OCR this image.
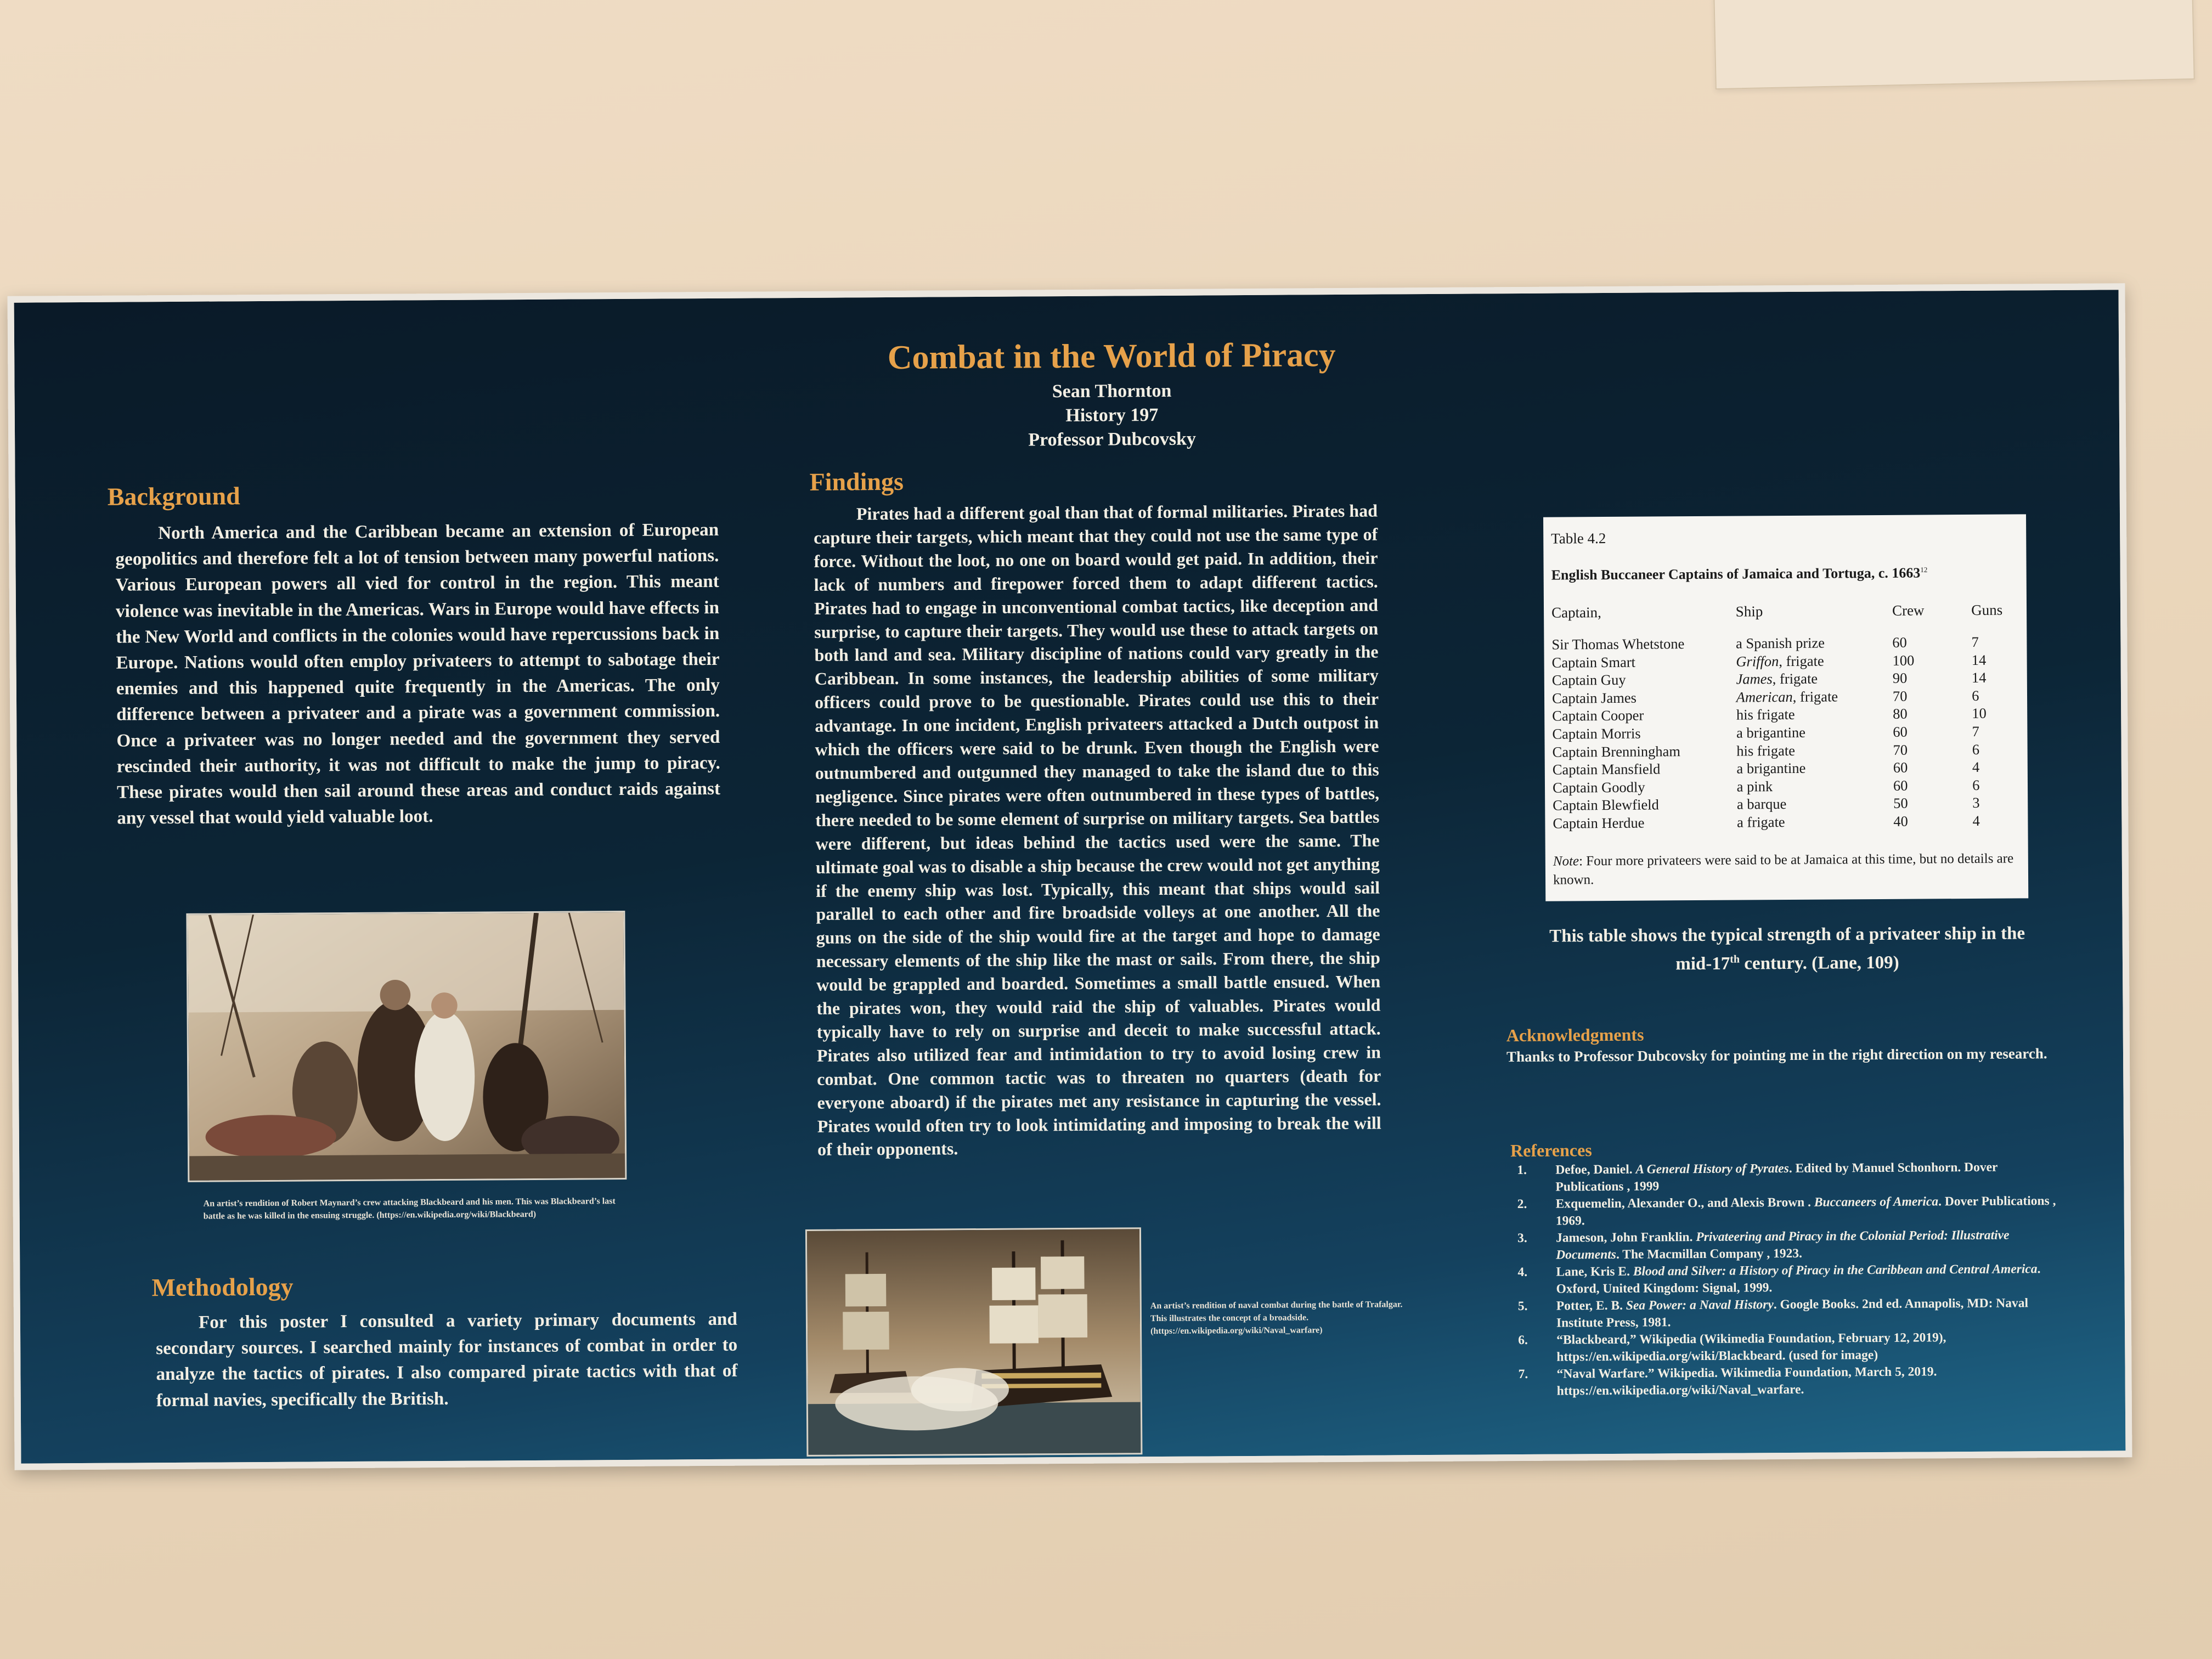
Combat in the World of Piracy
Sean Thornton
History 197
Professor Dubcovsky
Background

North America and the Caribbean became an extension of European geopolitics and therefore felt a lot of tension between many powerful nations. Various European powers all vied for control in the region. This meant violence was inevitable in the Americas. Wars in Europe would have effects in the New World and conflicts in the colonies would have repercussions back in Europe. Nations would often employ privateers to attempt to sabotage their enemies and this happened quite frequently in the Americas. The only difference between a privateer and a pirate was a government commission. Once a privateer was no longer needed and the government they served rescinded their authority, it was not difficult to make the jump to piracy. These pirates would then sail around these areas and conduct raids against any vessel that would yield valuable loot.

An artist’s rendition of Robert Maynard’s crew attacking Blackbeard and his men. This was Blackbeard’s last battle as he was killed in the ensuing struggle. (https://en.wikipedia.org/wiki/Blackbeard)
Methodology

For this poster I consulted a variety primary documents and secondary sources. I searched mainly for instances of combat in order to analyze the tactics of pirates. I also compared pirate tactics with that of formal navies, specifically the British.

Findings

Pirates had a different goal than that of formal militaries. Pirates had capture their targets, which meant that they could not use the same type of force. Without the loot, no one on board would get paid. In addition, their lack of numbers and firepower forced them to adapt different tactics. Pirates had to engage in unconventional combat tactics, like deception and surprise, to capture their targets. They would use these to attack targets on both land and sea. Military discipline of nations could vary greatly in the Caribbean. In some instances, the leadership abilities of some military officers could prove to be questionable. Pirates could use this to their advantage. In one incident, English privateers attacked a Dutch outpost in which the officers were said to be drunk. Even though the English were outnumbered and outgunned they managed to take the island due to this negligence. Since pirates were often outnumbered in these types of battles, there needed to be some element of surprise on military targets. Sea battles were different, but ideas behind the tactics used were the same. The ultimate goal was to disable a ship because the crew would not get anything if the enemy ship was lost. Typically, this meant that ships would sail parallel to each other and fire broadside volleys at one another. All the guns on the side of the ship would fire at the target and hope to damage necessary elements of the ship like the mast or sails. From there, the ship would be grappled and boarded. Sometimes a small battle ensued. When the pirates won, they would raid the ship of valuables. Pirates would typically have to rely on surprise and deceit to make successful attack. Pirates also utilized fear and intimidation to try to avoid losing crew in combat. One common tactic was to threaten no quarters (death for everyone aboard) if the pirates met any resistance in capturing the vessel. Pirates would often try to look intimidating and imposing to break the will of their opponents.

An artist’s rendition of naval combat during the battle of Trafalgar. This illustrates the concept of a broadside. (https://en.wikipedia.org/wiki/Naval_warfare)
Table 4.2
English Buccaneer Captains of Jamaica and Tortuga, c. 1663$^{12}$
Captain,	Ship	Crew	Guns
Sir Thomas Whetstone	a Spanish prize	60	7
Captain Smart	Griffon, frigate	100	14
Captain Guy	James, frigate	90	14
Captain James	American, frigate	70	6
Captain Cooper	his frigate	80	10
Captain Morris	a brigantine	60	7
Captain Brenningham	his frigate	70	6
Captain Mansfield	a brigantine	60	4
Captain Goodly	a pink	60	6
Captain Blewfield	a barque	50	3
Captain Herdue	a frigate	40	4
Note: Four more privateers were said to be at Jamaica at this time, but no details are known.
This table shows the typical strength of a privateer ship in the
mid-17th century. (Lane, 109)
Acknowledgments
Thanks to Professor Dubcovsky for pointing me in the right direction on my research.
References
1. Defoe, Daniel. A General History of Pyrates. Edited by Manuel Schonhorn. Dover Publications , 1999
2. Exquemelin, Alexander O., and Alexis Brown . Buccaneers of America. Dover Publications , 1969.
3. Jameson, John Franklin. Privateering and Piracy in the Colonial Period: Illustrative Documents. The Macmillan Company , 1923.
4. Lane, Kris E. Blood and Silver: a History of Piracy in the Caribbean and Central America. Oxford, United Kingdom: Signal, 1999.
5. Potter, E. B. Sea Power: a Naval History. Google Books. 2nd ed. Annapolis, MD: Naval Institute Press, 1981.
6. “Blackbeard,” Wikipedia (Wikimedia Foundation, February 12, 2019), https://en.wikipedia.org/wiki/Blackbeard. (used for image)
7. “Naval Warfare.” Wikipedia. Wikimedia Foundation, March 5, 2019. https://en.wikipedia.org/wiki/Naval_warfare.
